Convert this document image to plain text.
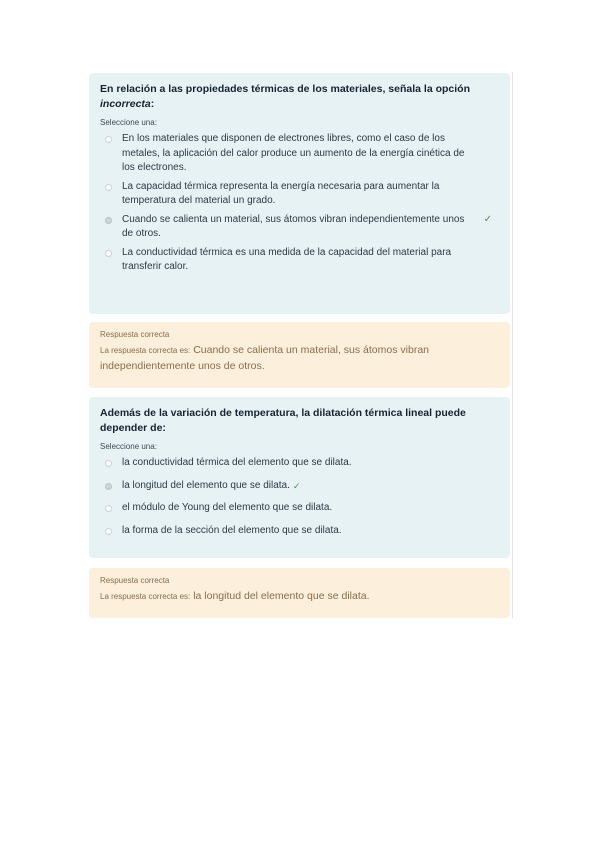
En relación a las propiedades térmicas de los materiales, señala la opción incorrecta:

Seleccione una:

En los materiales que disponen de electrones libres, como el caso de los metales, la aplicación del calor produce un aumento de la energía cinética de los electrones.
La capacidad térmica representa la energía necesaria para aumentar la temperatura del material un grado.
Cuando se calienta un material, sus átomos vibran independientemente unos de otros.
✓
La conductividad térmica es una medida de la capacidad del material para transferir calor.

Respuesta correcta

La respuesta correcta es: Cuando se calienta un material, sus átomos vibran independientemente unos de otros.

Además de la variación de temperatura, la dilatación térmica lineal puede depender de:

Seleccione una:

la conductividad térmica del elemento que se dilata.
la longitud del elemento que se dilata. ✓
el módulo de Young del elemento que se dilata.
la forma de la sección del elemento que se dilata.

Respuesta correcta

La respuesta correcta es: la longitud del elemento que se dilata.
